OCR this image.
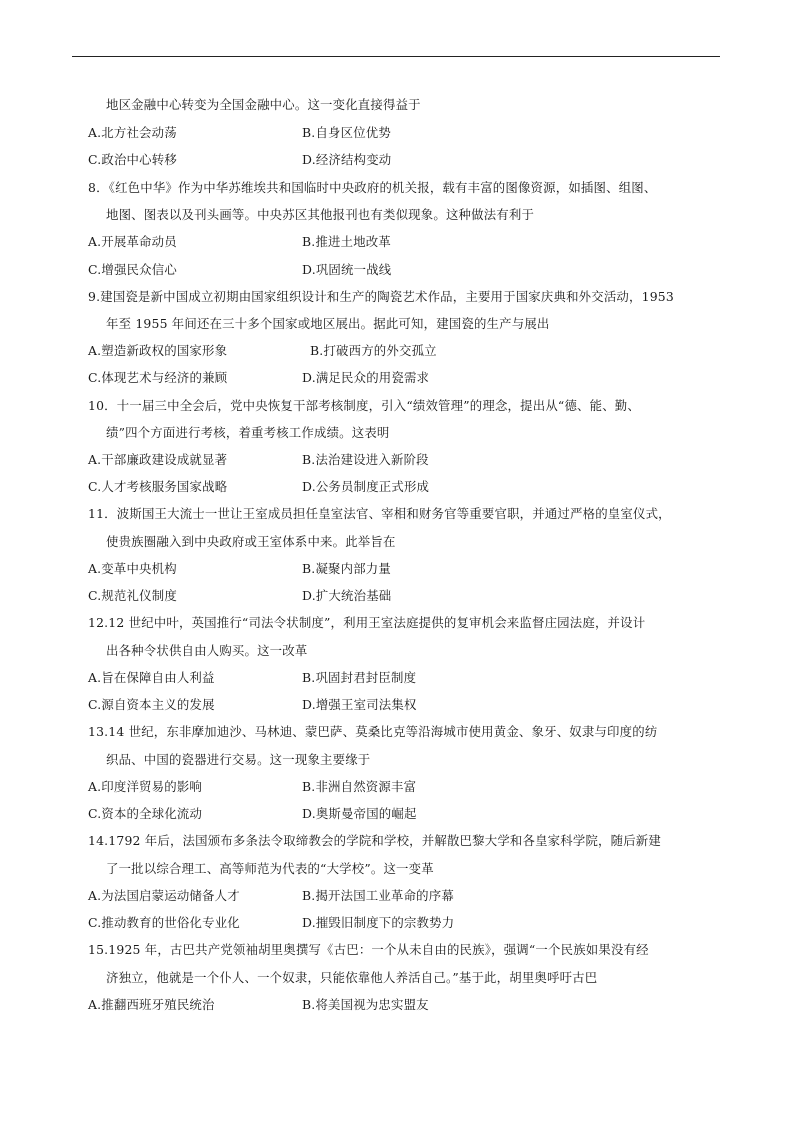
地区金融中心转变为全国金融中心。这一变化直接得益于
A.北方社会动荡	B.自身区位优势
C.政治中心转移	D.经济结构变动
8．《红色中华》作为中华苏维埃共和国临时中央政府的机关报，载有丰富的图像资源，如插图、组图、
地图、图表以及刊头画等。中央苏区其他报刊也有类似现象。这种做法有利于
A.开展革命动员	B.推进土地改革
C.增强民众信心	D.巩固统一战线
9.建国瓷是新中国成立初期由国家组织设计和生产的陶瓷艺术作品，主要用于国家庆典和外交活动，1953
年至 1955 年间还在三十多个国家或地区展出。据此可知，建国瓷的生产与展出
A.塑造新政权的国家形象	B.打破西方的外交孤立
C.体现艺术与经济的兼顾	D.满足民众的用瓷需求
10．十一届三中全会后，党中央恢复干部考核制度，引入“绩效管理”的理念，提出从“德、能、勤、
绩”四个方面进行考核，着重考核工作成绩。这表明
A.干部廉政建设成就显著	B.法治建设进入新阶段
C.人才考核服务国家战略	D.公务员制度正式形成
11．波斯国王大流士一世让王室成员担任皇室法官、宰相和财务官等重要官职，并通过严格的皇室仪式，
使贵族圈融入到中央政府或王室体系中来。此举旨在
A.变革中央机构	B.凝聚内部力量
C.规范礼仪制度	D.扩大统治基础
12.12 世纪中叶，英国推行“司法令状制度”，利用王室法庭提供的复审机会来监督庄园法庭，并设计
出各种令状供自由人购买。这一改革
A.旨在保障自由人利益	B.巩固封君封臣制度
C.源自资本主义的发展	D.增强王室司法集权
13.14 世纪，东非摩加迪沙、马林迪、蒙巴萨、莫桑比克等沿海城市使用黄金、象牙、奴隶与印度的纺
织品、中国的瓷器进行交易。这一现象主要缘于
A.印度洋贸易的影响	B.非洲自然资源丰富
C.资本的全球化流动	D.奥斯曼帝国的崛起
14.1792 年后，法国颁布多条法令取缔教会的学院和学校，并解散巴黎大学和各皇家科学院，随后新建
了一批以综合理工、高等师范为代表的“大学校”。这一变革
A.为法国启蒙运动储备人才	B.揭开法国工业革命的序幕
C.推动教育的世俗化专业化	D.摧毁旧制度下的宗教势力
15.1925 年，古巴共产党领袖胡里奥撰写《古巴：一个从未自由的民族》，强调“一个民族如果没有经
济独立，他就是一个仆人、一个奴隶，只能依靠他人养活自己。”基于此，胡里奥呼吁古巴
A.推翻西班牙殖民统治	B.将美国视为忠实盟友
